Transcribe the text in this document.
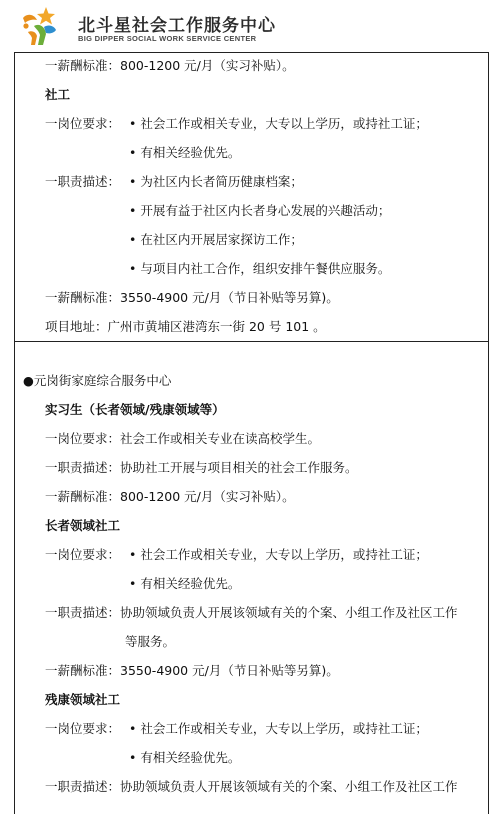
北斗星社会工作服务中心
BIG DIPPER SOCIAL WORK SERVICE CENTER
一薪酬标准：800-1200 元/月（实习补贴）。
社工
一岗位要求： • 社会工作或相关专业，大专以上学历，或持社工证；
• 有相关经验优先。
一职责描述： • 为社区内长者简历健康档案；
• 开展有益于社区内长者身心发展的兴趣活动；
• 在社区内开展居家探访工作；
• 与项目内社工合作，组织安排午餐供应服务。
一薪酬标准：3550-4900 元/月（节日补贴等另算)。
项目地址：广州市黄埔区港湾东一街 20 号 101 。
●元岗街家庭综合服务中心
实习生（长者领域/残康领域等）
一岗位要求：社会工作或相关专业在读高校学生。
一职责描述：协助社工开展与项目相关的社会工作服务。
一薪酬标准：800-1200 元/月（实习补贴）。
长者领域社工
一岗位要求： • 社会工作或相关专业，大专以上学历，或持社工证；
• 有相关经验优先。
一职责描述：协助领域负责人开展该领域有关的个案、小组工作及社区工作
等服务。
一薪酬标准：3550-4900 元/月（节日补贴等另算)。
残康领域社工
一岗位要求： • 社会工作或相关专业，大专以上学历，或持社工证；
• 有相关经验优先。
一职责描述：协助领域负责人开展该领域有关的个案、小组工作及社区工作
